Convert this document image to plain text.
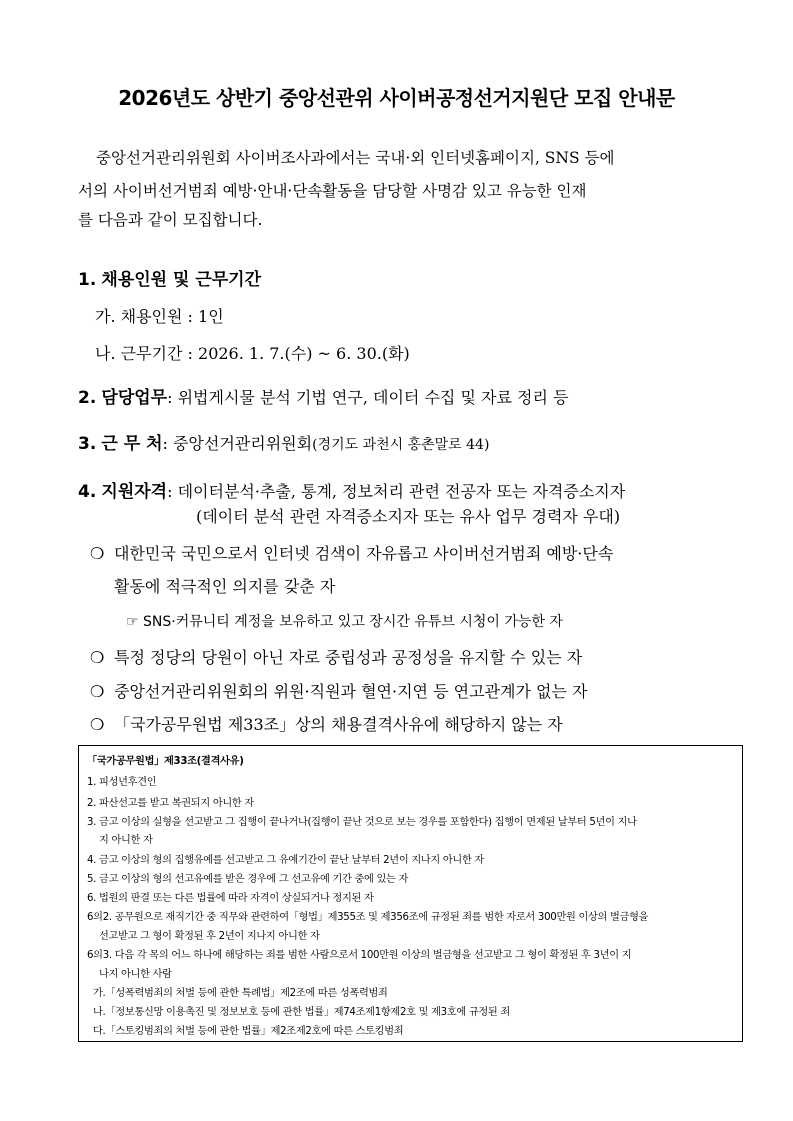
2026년도 상반기 중앙선관위 사이버공정선거지원단 모집 안내문
중앙선거관리위원회 사이버조사과에서는 국내·외 인터넷홈페이지, SNS 등에
서의 사이버선거범죄 예방·안내·단속활동을 담당할 사명감 있고 유능한 인재
를 다음과 같이 모집합니다.
1. 채용인원 및 근무기간
가. 채용인원 : 1인
나. 근무기간 : 2026. 1. 7.(수) ~ 6. 30.(화)
2. 담당업무: 위법게시물 분석 기법 연구, 데이터 수집 및 자료 정리 등
3. 근 무 처: 중앙선거관리위원회(경기도 과천시 홍촌말로 44)
4. 지원자격: 데이터분석·추출, 통계, 정보처리 관련 전공자 또는 자격증소지자
(데이터 분석 관련 자격증소지자 또는 유사 업무 경력자 우대)
❍ 대한민국 국민으로서 인터넷 검색이 자유롭고 사이버선거범죄 예방·단속
활동에 적극적인 의지를 갖춘 자
☞ SNS·커뮤니티 계정을 보유하고 있고 장시간 유튜브 시청이 가능한 자
❍ 특정 정당의 당원이 아닌 자로 중립성과 공정성을 유지할 수 있는 자
❍ 중앙선거관리위원회의 위원·직원과 혈연·지연 등 연고관계가 없는 자
❍ 「국가공무원법 제33조」상의 채용결격사유에 해당하지 않는 자
「국가공무원법」제33조(결격사유)
1. 피성년후견인
2. 파산선고를 받고 복권되지 아니한 자
3. 금고 이상의 실형을 선고받고 그 집행이 끝나거나(집행이 끝난 것으로 보는 경우를 포함한다) 집행이 면제된 날부터 5년이 지나
지 아니한 자
4. 금고 이상의 형의 집행유예를 선고받고 그 유예기간이 끝난 날부터 2년이 지나지 아니한 자
5. 금고 이상의 형의 선고유예를 받은 경우에 그 선고유예 기간 중에 있는 자
6. 법원의 판결 또는 다른 법률에 따라 자격이 상실되거나 정지된 자
6의2. 공무원으로 재직기간 중 직무와 관련하여「형법」제355조 및 제356조에 규정된 죄를 범한 자로서 300만원 이상의 벌금형을
선고받고 그 형이 확정된 후 2년이 지나지 아니한 자
6의3. 다음 각 목의 어느 하나에 해당하는 죄를 범한 사람으로서 100만원 이상의 벌금형을 선고받고 그 형이 확정된 후 3년이 지
나지 아니한 사람
가.「성폭력범죄의 처벌 등에 관한 특례법」제2조에 따른 성폭력범죄
나.「정보통신망 이용촉진 및 정보보호 등에 관한 법률」제74조제1항제2호 및 제3호에 규정된 죄
다.「스토킹범죄의 처벌 등에 관한 법률」제2조제2호에 따른 스토킹범죄
